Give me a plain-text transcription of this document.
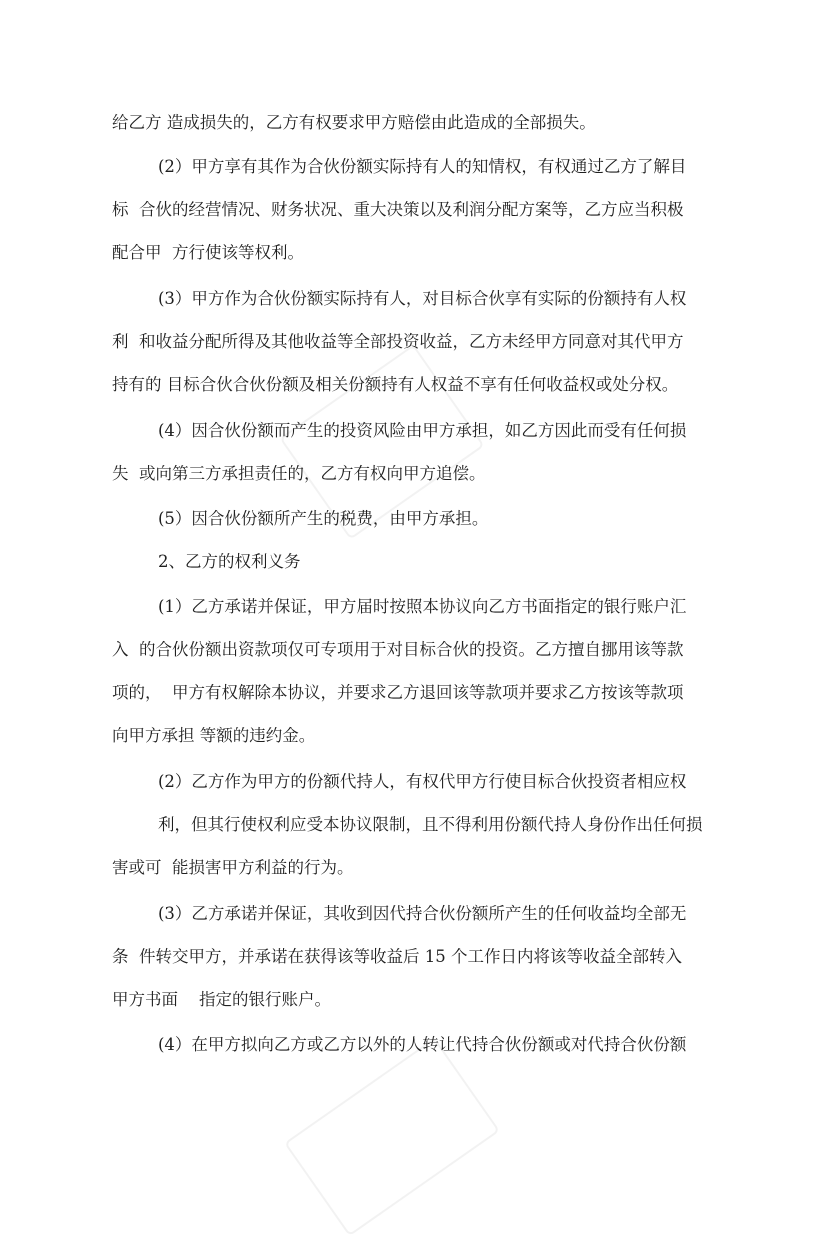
给乙方 造成损失的，乙方有权要求甲方赔偿由此造成的全部损失。

(2）甲方享有其作为合伙份额实际持有人的知情权，有权通过乙方了解目

标  合伙的经营情况、财务状况、重大决策以及利润分配方案等，乙方应当积极

配合甲  方行使该等权利。

(3）甲方作为合伙份额实际持有人，对目标合伙享有实际的份额持有人权

利  和收益分配所得及其他收益等全部投资收益，乙方未经甲方同意对其代甲方

持有的 目标合伙合伙份额及相关份额持有人权益不享有任何收益权或处分权。

(4）因合伙份额而产生的投资风险由甲方承担，如乙方因此而受有任何损

失  或向第三方承担责任的，乙方有权向甲方追偿。

(5）因合伙份额所产生的税费，由甲方承担。

2、乙方的权利义务

(1）乙方承诺并保证，甲方届时按照本协议向乙方书面指定的银行账户汇

入  的合伙份额出资款项仅可专项用于对目标合伙的投资。乙方擅自挪用该等款

项的，  甲方有权解除本协议，并要求乙方退回该等款项并要求乙方按该等款项

向甲方承担 等额的违约金。

(2）乙方作为甲方的份额代持人，有权代甲方行使目标合伙投资者相应权

利，但其行使权利应受本协议限制，且不得利用份额代持人身份作出任何损

害或可  能损害甲方利益的行为。

(3）乙方承诺并保证，其收到因代持合伙份额所产生的任何收益均全部无

条  件转交甲方，并承诺在获得该等收益后 15 个工作日内将该等收益全部转入

甲方书面    指定的银行账户。

(4）在甲方拟向乙方或乙方以外的人转让代持合伙份额或对代持合伙份额
